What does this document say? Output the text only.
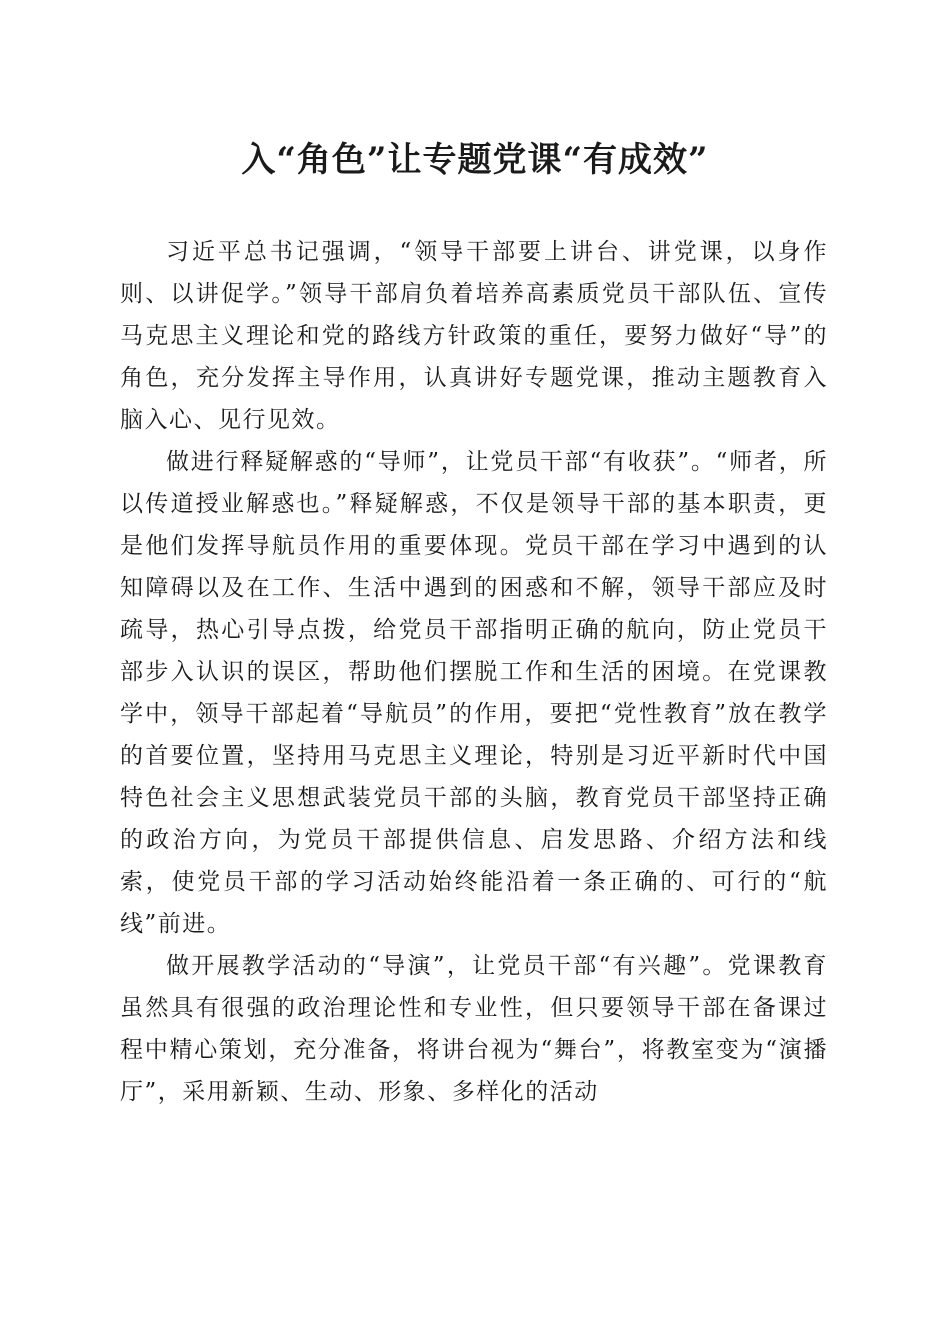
入“角色”让专题党课“有成效”

习近平总书记强调，“领导干部要上讲台、讲党课，以身作则、以讲促学。”领导干部肩负着培养高素质党员干部队伍、宣传马克思主义理论和党的路线方针政策的重任，要努力做好“导”的角色，充分发挥主导作用，认真讲好专题党课，推动主题教育入脑入心、见行见效。

做进行释疑解惑的“导师”，让党员干部“有收获”。“师者，所以传道授业解惑也。”释疑解惑，不仅是领导干部的基本职责，更是他们发挥导航员作用的重要体现。党员干部在学习中遇到的认知障碍以及在工作、生活中遇到的困惑和不解，领导干部应及时疏导，热心引导点拨，给党员干部指明正确的航向，防止党员干部步入认识的误区，帮助他们摆脱工作和生活的困境。在党课教学中，领导干部起着“导航员”的作用，要把“党性教育”放在教学的首要位置，坚持用马克思主义理论，特别是习近平新时代中国特色社会主义思想武装党员干部的头脑，教育党员干部坚持正确的政治方向，为党员干部提供信息、启发思路、介绍方法和线索，使党员干部的学习活动始终能沿着一条正确的、可行的“航线”前进。

做开展教学活动的“导演”，让党员干部“有兴趣”。党课教育虽然具有很强的政治理论性和专业性，但只要领导干部在备课过程中精心策划，充分准备，将讲台视为“舞台”，将教室变为“演播厅”，采用新颖、生动、形象、多样化的活动
